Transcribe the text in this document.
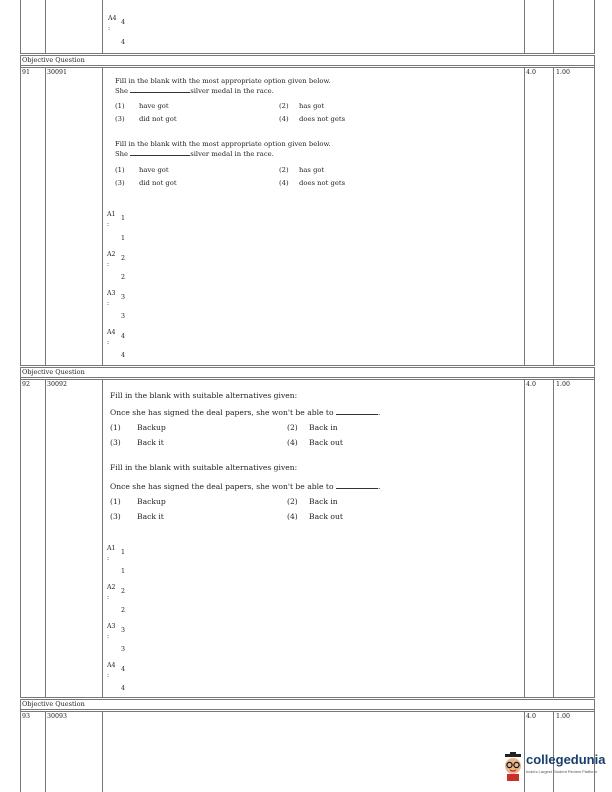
A4
4
:
4
Objective Question
91	30091	4.0	1.00
Fill in the blank with the most appropriate option given below.
She	silver medal in the race.
(1) have got	(2) has got
(3) did not got	(4) does not gets
Fill in the blank with the most appropriate option given below.
She	silver medal in the race.
(1) have got	(2) has got
(3) did not got	(4) does not gets
A1
1
:
1
A2
2
:
2
A3
3
:
3
A4
4
:
4
Objective Question
92	30092	4.0	1.00
Fill in the blank with suitable alternatives given:
Once she has signed the deal papers, she won't be able to	.
(1) Backup	(2) Back in
(3) Back it	(4) Back out
Fill in the blank with suitable alternatives given:
Once she has signed the deal papers, she won't be able to	.
(1) Backup	(2) Back in
(3) Back it	(4) Back out
A1
1
:
1
A2
2
:
2
A3
3
:
3
A4
4
:
4
Objective Question
93	30093	4.0	1.00
collegedunia
India's Largest Student Review Platform
